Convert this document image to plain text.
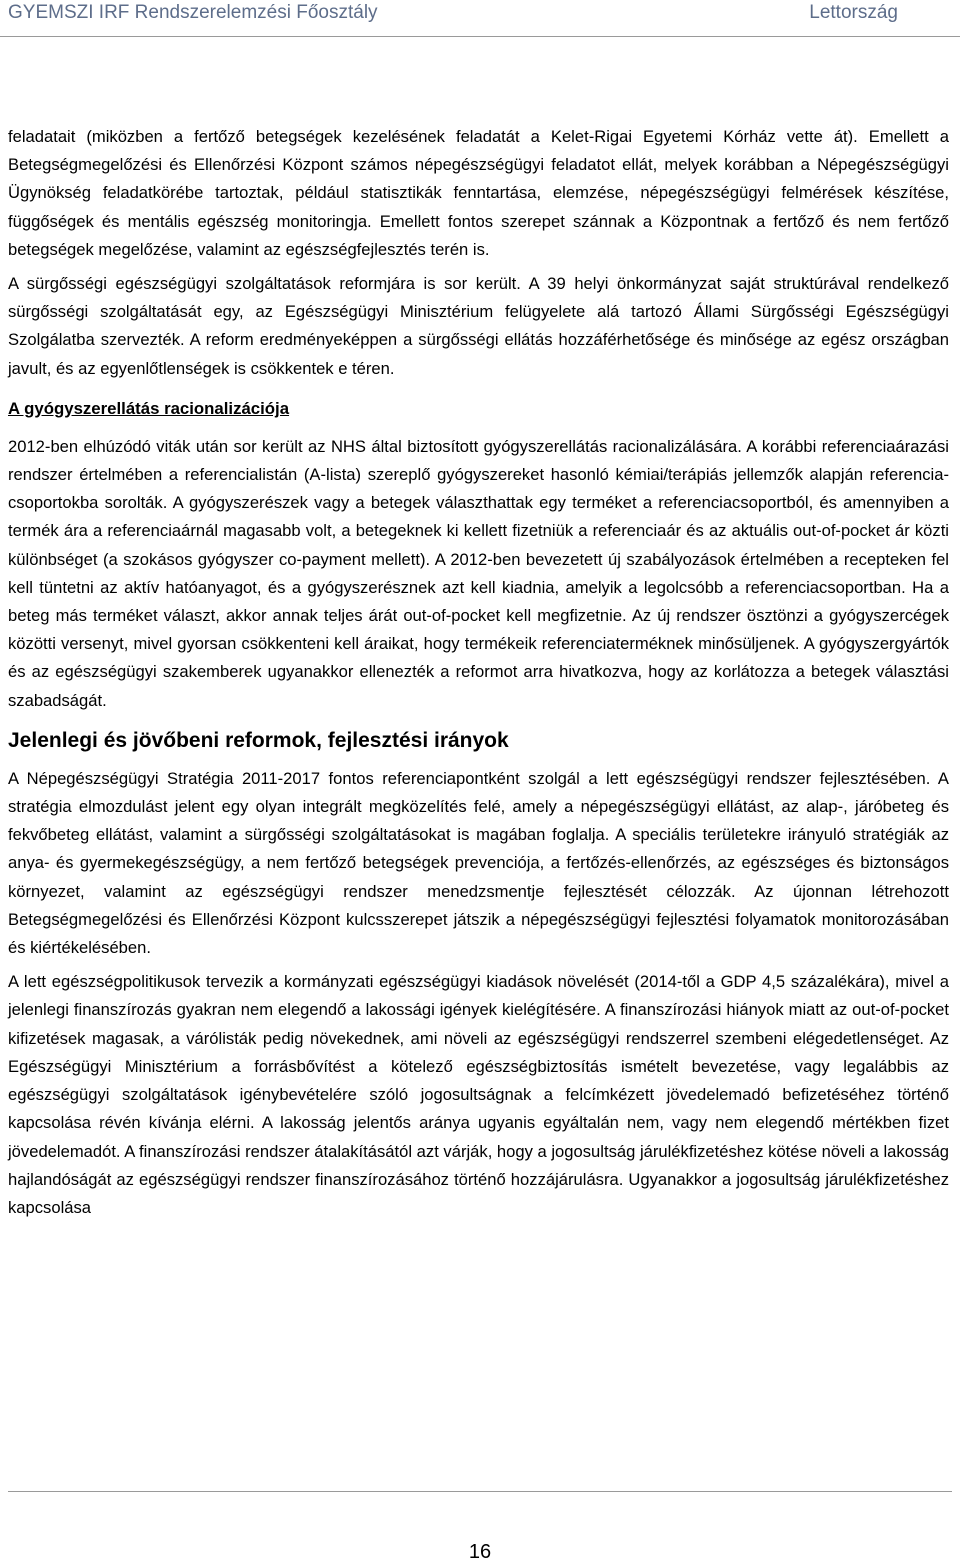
GYEMSZI IRF Rendszerelemzési Főosztály	Lettország

feladatait (miközben a fertőző betegségek kezelésének feladatát a Kelet-Rigai Egyetemi Kórház vette át). Emellett a Betegségmegelőzési és Ellenőrzési Központ számos népegészségügyi feladatot ellát, melyek korábban a Népegészségügyi Ügynökség feladatkörébe tartoztak, például statisztikák fenntartása, elemzése, népegészségügyi felmérések készítése, függőségek és mentális egészség monitoringja. Emellett fontos szerepet szánnak a Központnak a fertőző és nem fertőző betegségek megelőzése, valamint az egészségfejlesztés terén is.

A sürgősségi egészségügyi szolgáltatások reformjára is sor került. A 39 helyi önkormányzat saját struktúrával rendelkező sürgősségi szolgáltatását egy, az Egészségügyi Minisztérium felügyelete alá tartozó Állami Sürgősségi Egészségügyi Szolgálatba szervezték. A reform eredményeképpen a sürgősségi ellátás hozzáférhetősége és minősége az egész országban javult, és az egyenlőtlenségek is csökkentek e téren.

A gyógyszerellátás racionalizációja

2012-ben elhúzódó viták után sor került az NHS által biztosított gyógyszerellátás racionalizálására. A korábbi referenciaárazási rendszer értelmében a referencialistán (A-lista) szereplő gyógyszereket hasonló kémiai/terápiás jellemzők alapján referencia-csoportokba sorolták. A gyógyszerészek vagy a betegek választhattak egy terméket a referenciacsoportból, és amennyiben a termék ára a referenciaárnál magasabb volt, a betegeknek ki kellett fizetniük a referenciaár és az aktuális out-of-pocket ár közti különbséget (a szokásos gyógyszer co-payment mellett). A 2012-ben bevezetett új szabályozások értelmében a recepteken fel kell tüntetni az aktív hatóanyagot, és a gyógyszerésznek azt kell kiadnia, amelyik a legolcsóbb a referenciacsoportban. Ha a beteg más terméket választ, akkor annak teljes árát out-of-pocket kell megfizetnie. Az új rendszer ösztönzi a gyógyszercégek közötti versenyt, mivel gyorsan csökkenteni kell áraikat, hogy termékeik referenciaterméknek minősüljenek. A gyógyszergyártók és az egészségügyi szakemberek ugyanakkor ellenezték a reformot arra hivatkozva, hogy az korlátozza a betegek választási szabadságát.

Jelenlegi és jövőbeni reformok, fejlesztési irányok

A Népegészségügyi Stratégia 2011-2017 fontos referenciapontként szolgál a lett egészségügyi rendszer fejlesztésében. A stratégia elmozdulást jelent egy olyan integrált megközelítés felé, amely a népegészségügyi ellátást, az alap-, járóbeteg és fekvőbeteg ellátást, valamint a sürgősségi szolgáltatásokat is magában foglalja. A speciális területekre irányuló stratégiák az anya- és gyermekegészségügy, a nem fertőző betegségek prevenciója, a fertőzés-ellenőrzés, az egészséges és biztonságos környezet, valamint az egészségügyi rendszer menedzsmentje fejlesztését célozzák. Az újonnan létrehozott Betegségmegelőzési és Ellenőrzési Központ kulcsszerepet játszik a népegészségügyi fejlesztési folyamatok monitorozásában és kiértékelésében.

A lett egészségpolitikusok tervezik a kormányzati egészségügyi kiadások növelését (2014-től a GDP 4,5 százalékára), mivel a jelenlegi finanszírozás gyakran nem elegendő a lakossági igények kielégítésére. A finanszírozási hiányok miatt az out-of-pocket kifizetések magasak, a várólisták pedig növekednek, ami növeli az egészségügyi rendszerrel szembeni elégedetlenséget. Az Egészségügyi Minisztérium a forrásbővítést a kötelező egészségbiztosítás ismételt bevezetése, vagy legalábbis az egészségügyi szolgáltatások igénybevételére szóló jogosultságnak a felcímkézett jövedelemadó befizetéséhez történő kapcsolása révén kívánja elérni. A lakosság jelentős aránya ugyanis egyáltalán nem, vagy nem elegendő mértékben fizet jövedelemadót. A finanszírozási rendszer átalakításától azt várják, hogy a jogosultság járulékfizetéshez kötése növeli a lakosság hajlandóságát az egészségügyi rendszer finanszírozásához történő hozzájárulásra. Ugyanakkor a jogosultság járulékfizetéshez kapcsolása

16
